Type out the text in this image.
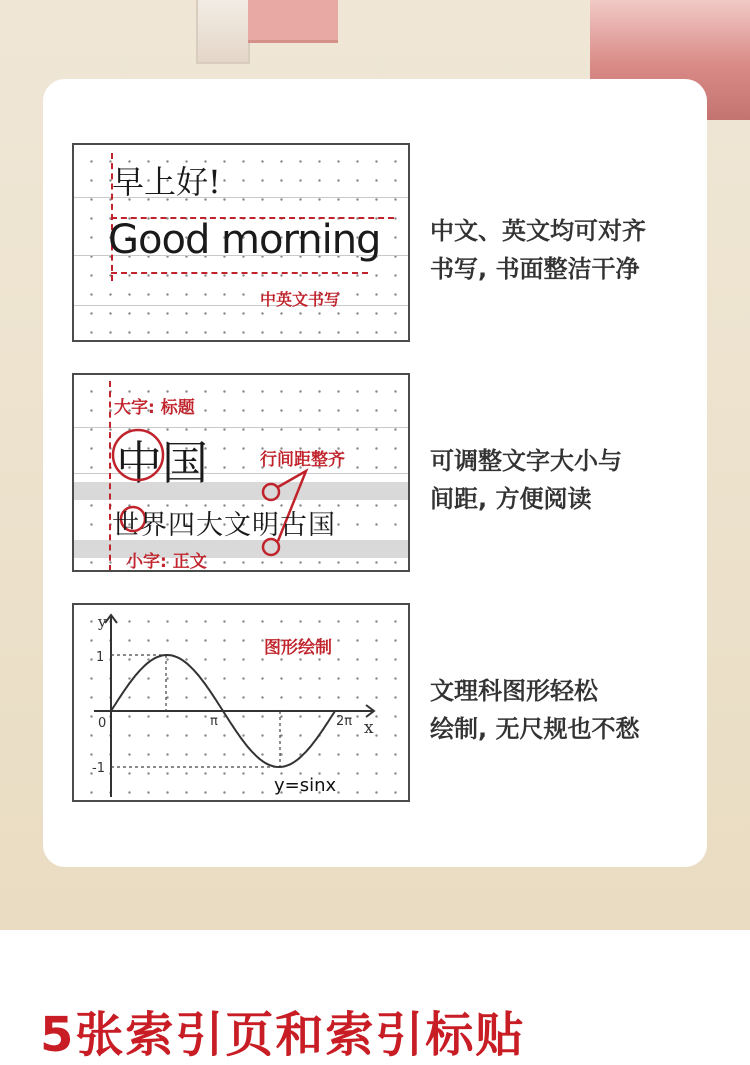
早上好!
Good morning
中英文书写
大字: 标题
中国	行间距整齐
世界四大文明古国
小字: 正文
y
x
1
-1
0	π	2π
y=sinx
图形绘制
中文、英文均可对齐
书写, 书面整洁干净
可调整文字大小与
间距, 方便阅读
文理科图形轻松
绘制, 无尺规也不愁
5张索引页和索引标贴
